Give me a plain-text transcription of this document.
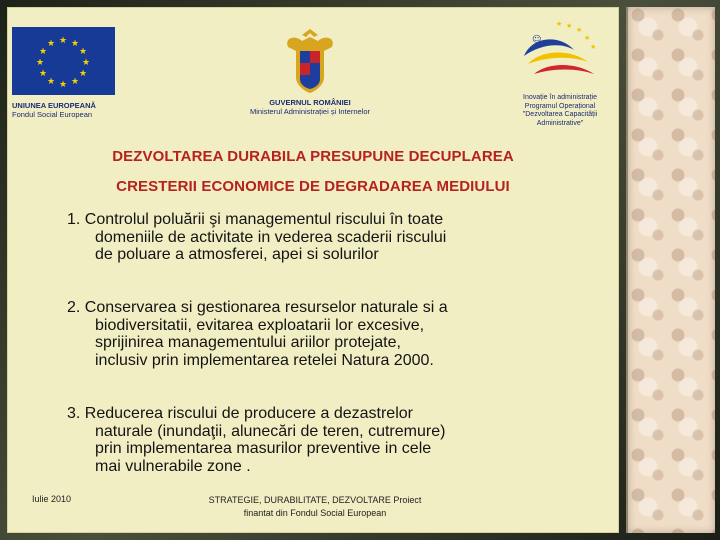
★ ★
★
★
★
★
★
★
★
★
★
★
UNIUNEA EUROPEANĂ
Fondul Social European
GUVERNUL ROMÂNIEI
Ministerul Administrației și Internelor
★ ★
★
★
★
☺
Inovație în administrație
Programul Operațional
"Dezvoltarea Capacității
Administrative"
DEZVOLTAREA DURABILA PRESUPUNE DECUPLAREA
CRESTERII ECONOMICE DE DEGRADAREA MEDIULUI
1. Controlul poluării şi managementul riscului în toate
domeniile de activitate in vederea scaderii riscului
de poluare a atmosferei, apei si solurilor
2. Conservarea si gestionarea resurselor naturale si a
biodiversitatii, evitarea exploatarii lor excesive,
sprijinirea managementului ariilor protejate,
inclusiv prin implementarea retelei Natura 2000.
3. Reducerea riscului de producere a dezastrelor
naturale (inundaţii, alunecări de teren, cutremure)
prin implementarea masurilor preventive in cele
mai vulnerabile zone .
Iulie 2010	STRATEGIE, DURABILITATE, DEZVOLTARE Proiect
finantat din Fondul Social European
